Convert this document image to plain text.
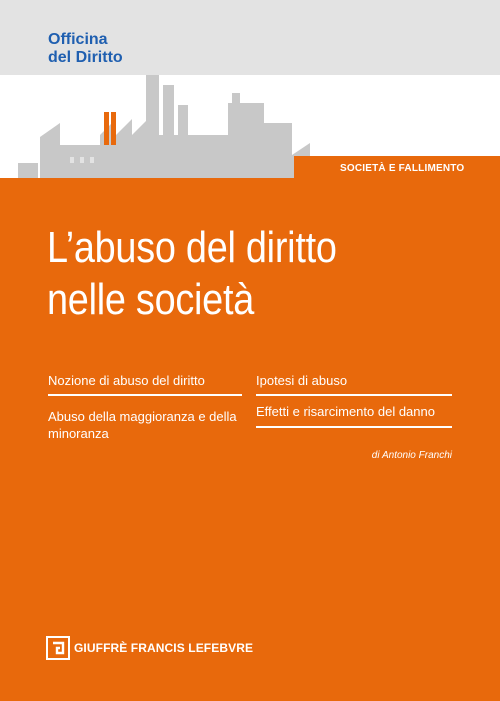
Officina
del Diritto
SOCIETÀ E FALLIMENTO
L’abuso del diritto
nelle società
Nozione di abuso del diritto
Abuso della maggioranza e della minoranza
Ipotesi di abuso
Effetti e risarcimento del danno
di Antonio Franchi
GIUFFRÈ FRANCIS LEFEBVRE
